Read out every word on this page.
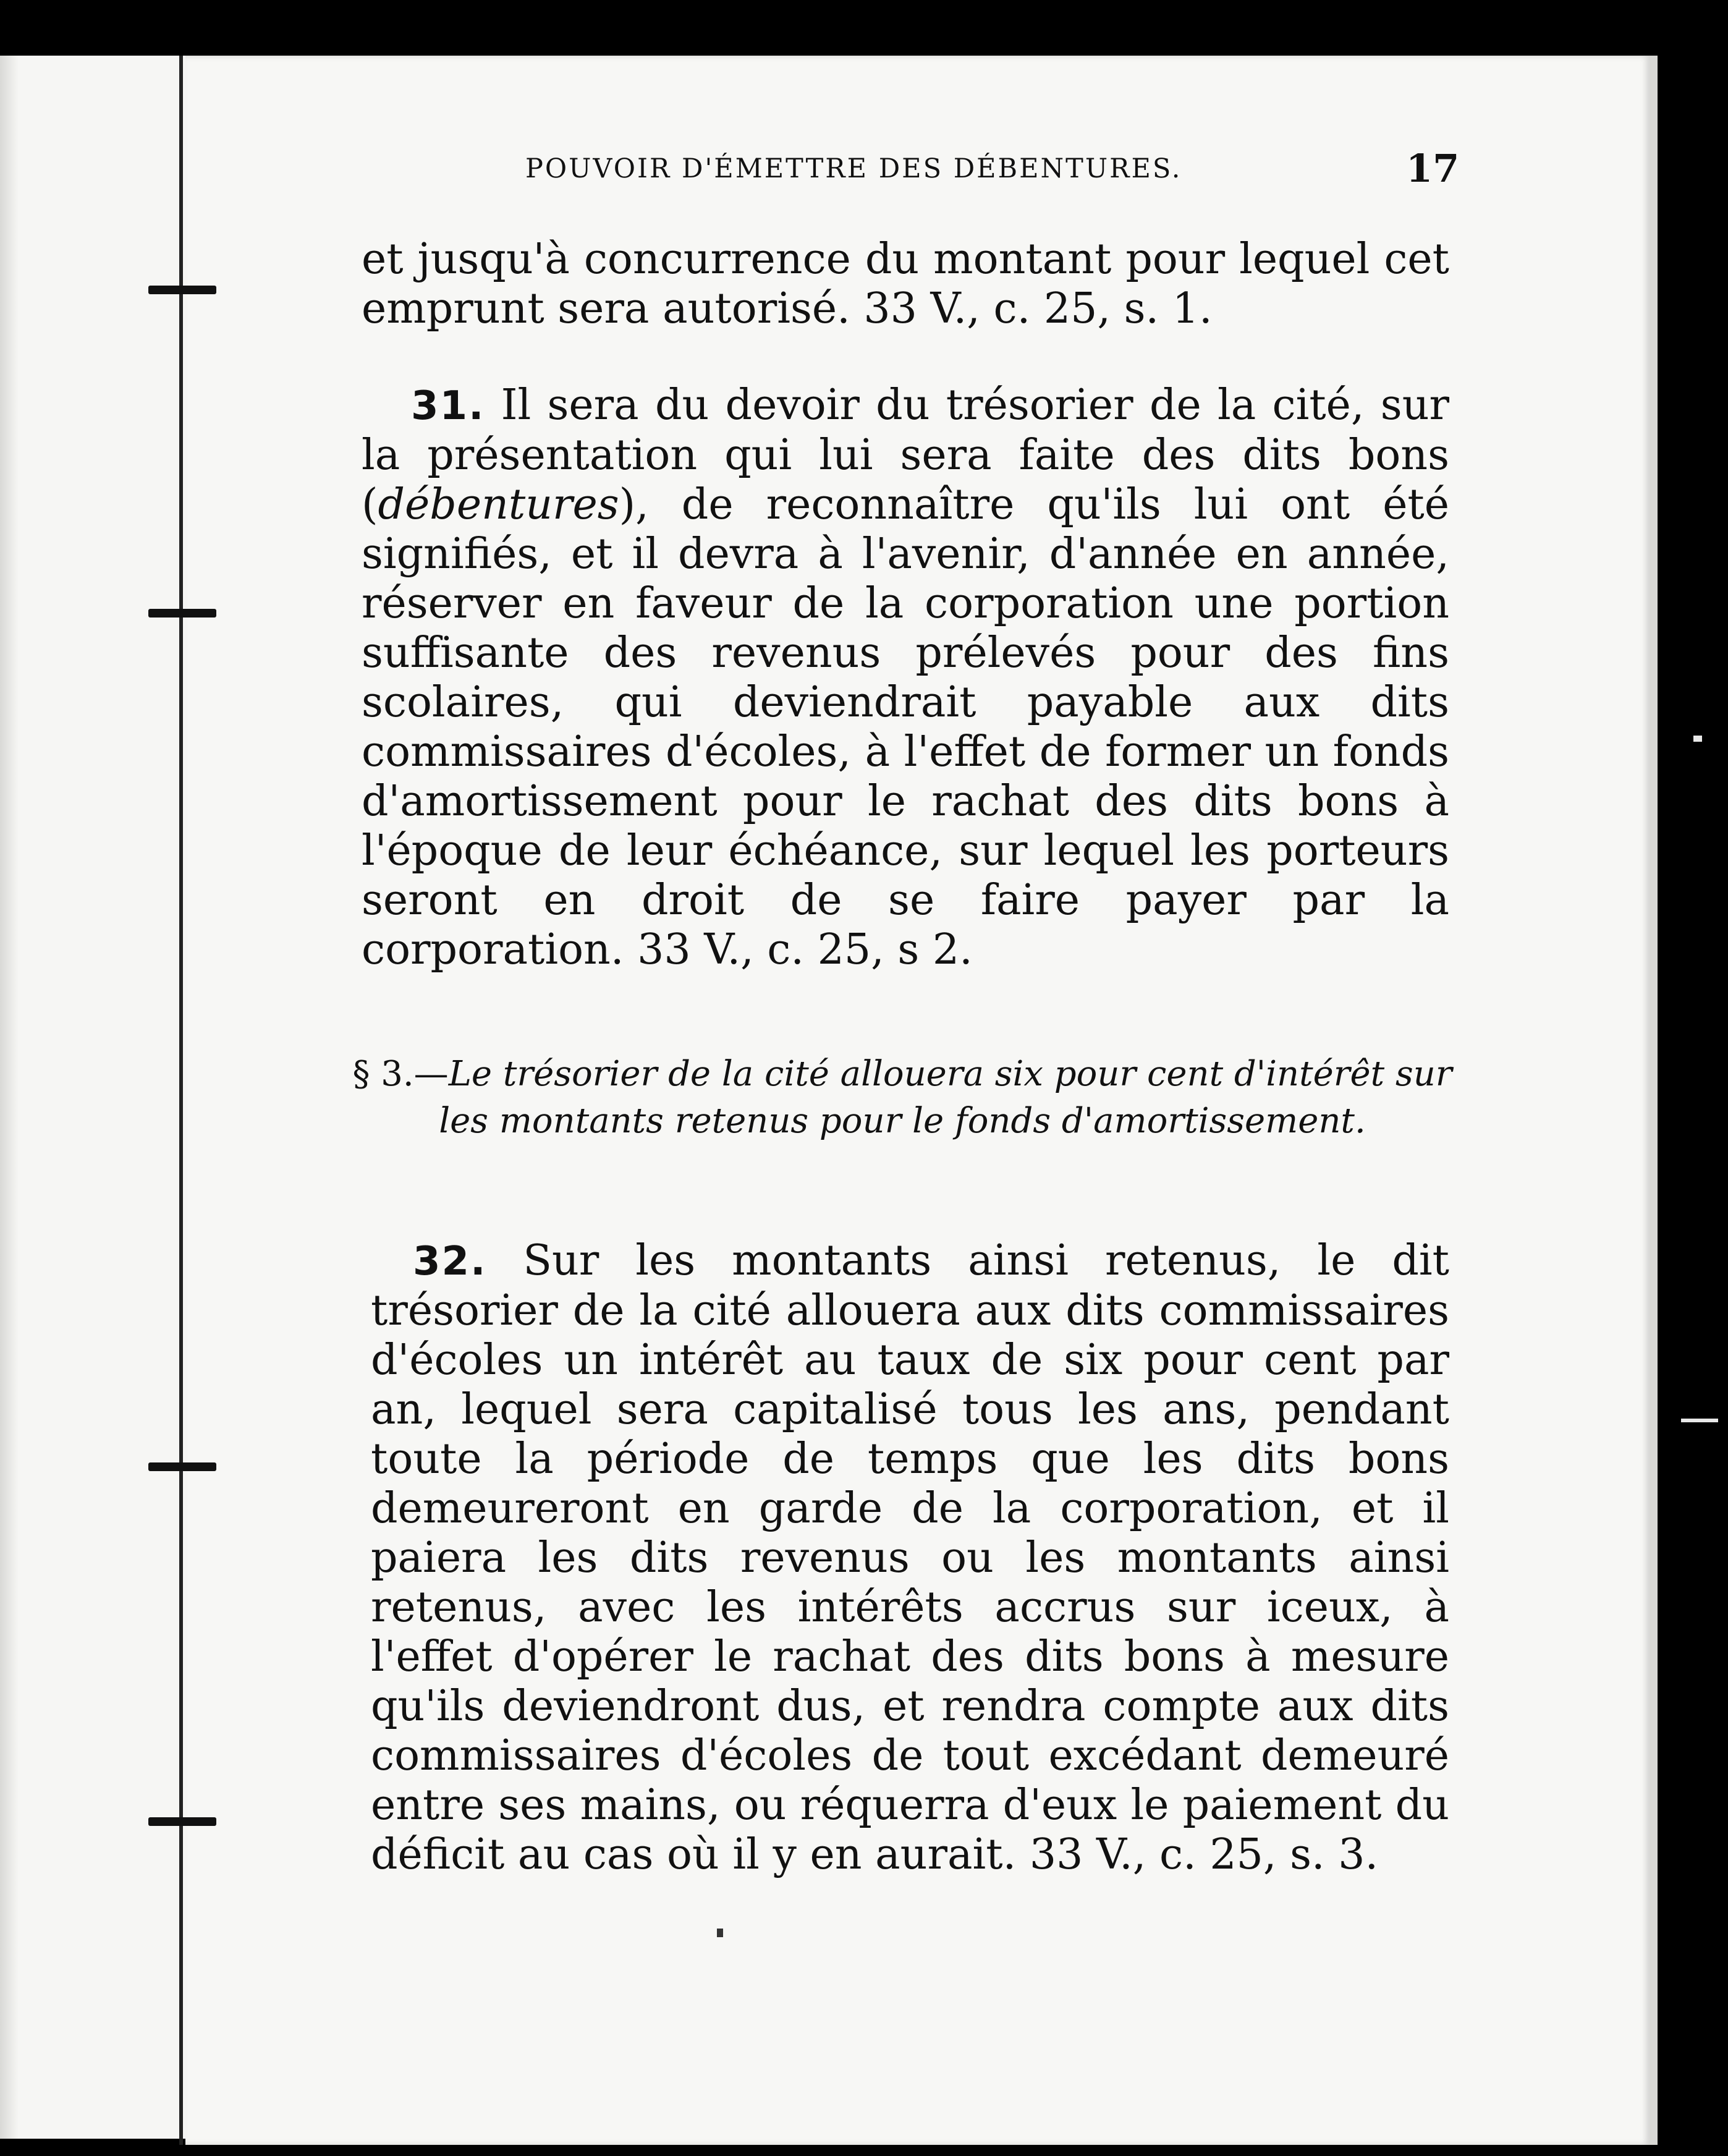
POUVOIR D'ÉMETTRE DES DÉBENTURES.	17

et jusqu'à concurrence du montant pour lequel cet emprunt sera autorisé. 33 V., c. 25, s. 1.

31. Il sera du devoir du trésorier de la cité, sur la présentation qui lui sera faite des dits bons (débentures), de reconnaître qu'ils lui ont été signifiés, et il devra à l'avenir, d'année en année, réserver en faveur de la corporation une portion suffisante des revenus prélevés pour des fins scolaires, qui deviendrait payable aux dits commissaires d'écoles, à l'effet de former un fonds d'amortissement pour le rachat des dits bons à l'époque de leur échéance, sur lequel les porteurs seront en droit de se faire payer par la corporation. 33 V., c. 25, s 2.

§ 3.—Le trésorier de la cité allouera six pour cent d'intérêt sur les montants retenus pour le fonds d'amortissement.

32. Sur les montants ainsi retenus, le dit trésorier de la cité allouera aux dits commissaires d'écoles un intérêt au taux de six pour cent par an, lequel sera capitalisé tous les ans, pendant toute la période de temps que les dits bons demeureront en garde de la corporation, et il paiera les dits revenus ou les montants ainsi retenus, avec les intérêts accrus sur iceux, à l'effet d'opérer le rachat des dits bons à mesure qu'ils deviendront dus, et rendra compte aux dits commissaires d'écoles de tout excédant demeuré entre ses mains, ou réquerra d'eux le paiement du déficit au cas où il y en aurait. 33 V., c. 25, s. 3.
